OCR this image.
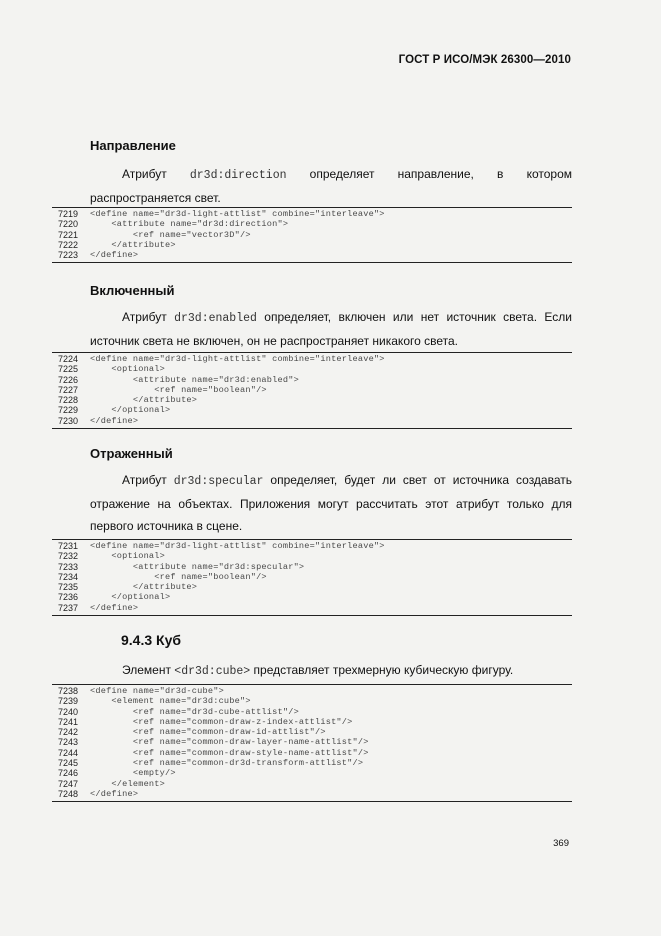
ГОСТ Р ИСО/МЭК 26300—2010
Направление
Атрибут dr3d:direction определяет направление, в котором
распространяется свет.
7219 <define name="dr3d-light-attlist" combine="interleave">
7220 <attribute name="dr3d:direction">
7221 <ref name="vector3D"/>
7222 </attribute>
7223 </define>
Включенный
Атрибут dr3d:enabled определяет, включен или нет источник света. Если
источник света не включен, он не распространяет никакого света.
7224 <define name="dr3d-light-attlist" combine="interleave">
7225 <optional>
7226 <attribute name="dr3d:enabled">
7227 <ref name="boolean"/>
7228 </attribute>
7229 </optional>
7230 </define>
Отраженный
Атрибут dr3d:specular определяет, будет ли свет от источника создавать
отражение на объектах. Приложения могут рассчитать этот атрибут только для
первого источника в сцене.
7231 <define name="dr3d-light-attlist" combine="interleave">
7232 <optional>
7233 <attribute name="dr3d:specular">
7234 <ref name="boolean"/>
7235 </attribute>
7236 </optional>
7237 </define>
9.4.3 Куб
Элемент <dr3d:cube> представляет трехмерную кубическую фигуру.
7238 <define name="dr3d-cube">
7239 <element name="dr3d:cube">
7240 <ref name="dr3d-cube-attlist"/>
7241 <ref name="common-draw-z-index-attlist"/>
7242 <ref name="common-draw-id-attlist"/>
7243 <ref name="common-draw-layer-name-attlist"/>
7244 <ref name="common-draw-style-name-attlist"/>
7245 <ref name="common-dr3d-transform-attlist"/>
7246 <empty/>
7247 </element>
7248 </define>
369
